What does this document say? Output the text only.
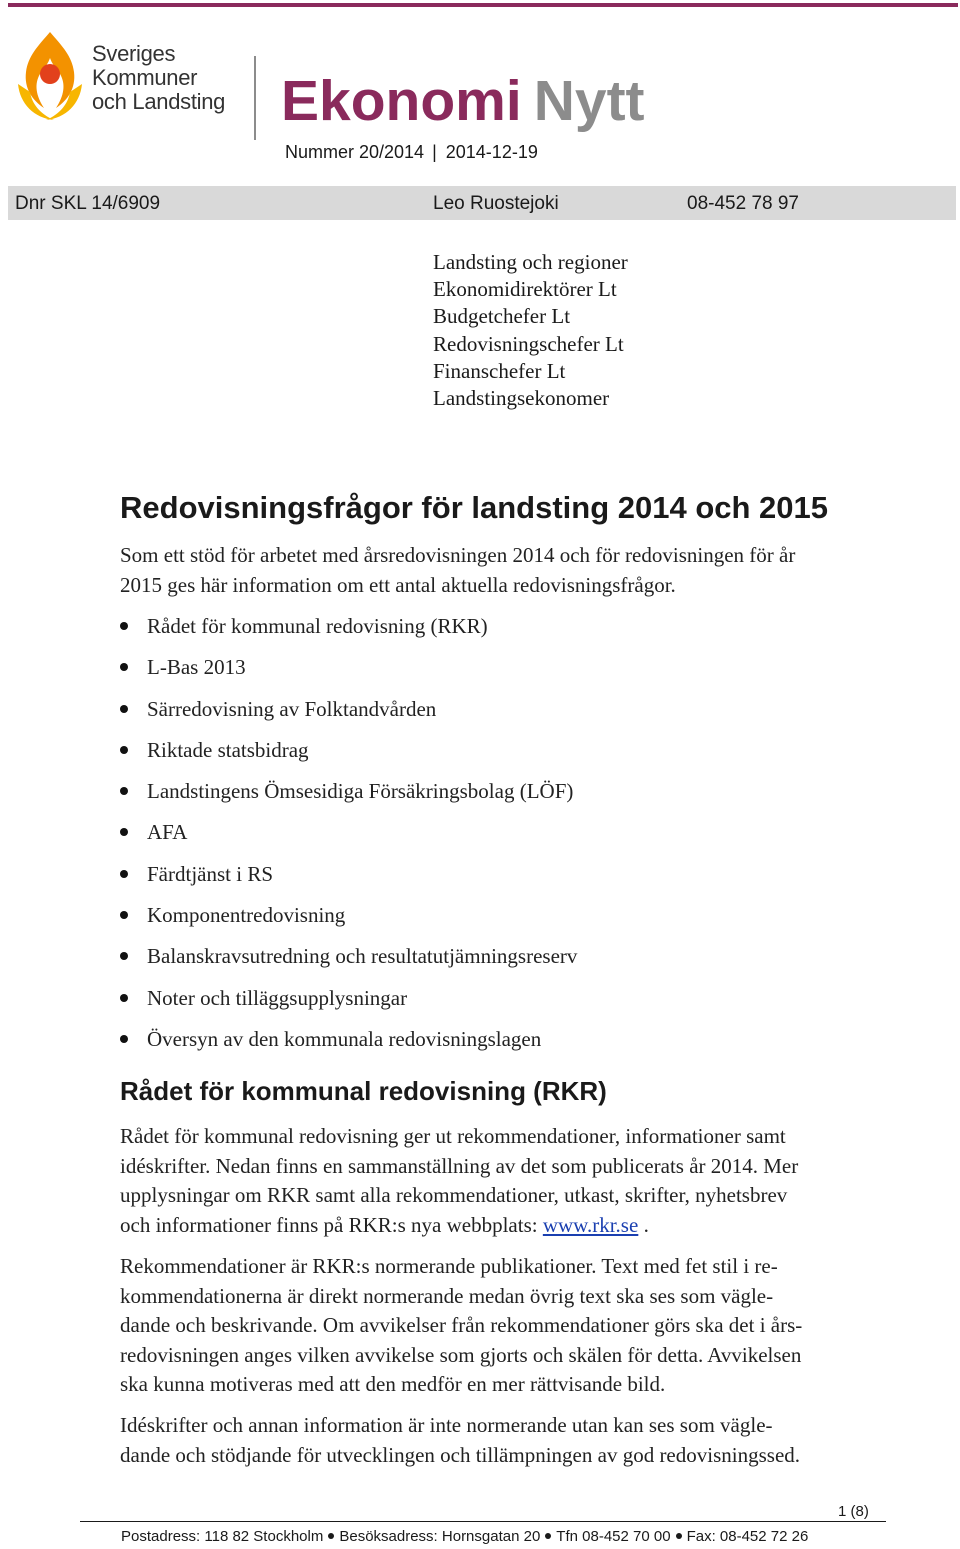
Sveriges
Kommuner
och Landsting Ekonomi Nytt
Nummer 20/2014 | 2014-12-19
Dnr SKL 14/6909	Leo Ruostejoki	08-452 78 97
Landsting och regioner
Ekonomidirektörer Lt
Budgetchefer Lt
Redovisningschefer Lt
Finanschefer Lt
Landstingsekonomer
Redovisningsfrågor för landsting 2014 och 2015
Som ett stöd för arbetet med årsredovisningen 2014 och för redovisningen för år
2015 ges här information om ett antal aktuella redovisningsfrågor.
Rådet för kommunal redovisning (RKR)
L-Bas 2013
Särredovisning av Folktandvården
Riktade statsbidrag
Landstingens Ömsesidiga Försäkringsbolag (LÖF)
AFA
Färdtjänst i RS
Komponentredovisning
Balanskravsutredning och resultatutjämningsreserv
Noter och tilläggsupplysningar
Översyn av den kommunala redovisningslagen
Rådet för kommunal redovisning (RKR)
Rådet för kommunal redovisning ger ut rekommendationer, informationer samt
idéskrifter. Nedan finns en sammanställning av det som publicerats år 2014. Mer
upplysningar om RKR samt alla rekommendationer, utkast, skrifter, nyhetsbrev
och informationer finns på RKR:s nya webbplats: www.rkr.se .
Rekommendationer är RKR:s normerande publikationer. Text med fet stil i re-
kommendationerna är direkt normerande medan övrig text ska ses som vägle-
dande och beskrivande. Om avvikelser från rekommendationer görs ska det i års-
redovisningen anges vilken avvikelse som gjorts och skälen för detta. Avvikelsen
ska kunna motiveras med att den medför en mer rättvisande bild.
Idéskrifter och annan information är inte normerande utan kan ses som vägle-
dande och stödjande för utvecklingen och tillämpningen av god redovisningssed.
1 (8)
Postadress: 118 82 Stockholm Besöksadress: Hornsgatan 20 Tfn 08-452 70 00 Fax: 08-452 72 26
